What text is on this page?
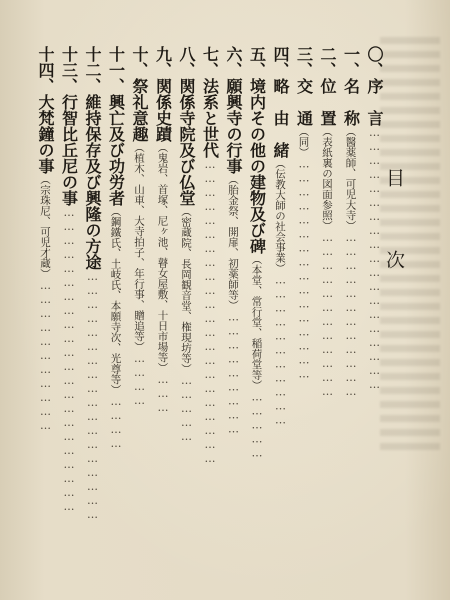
目　次
〇、序　言…………………………………………………
一、名　称（醫薬師、可児大寺）………………………………
二、位　置（表紙裏の図面参照）………………………………
三、交　通（同）…………………………………………
四、略　由　緒（伝教大師の社会事業）……………………………
五、境内その他の建物及び碑（本堂、常行堂、稲荷堂等）……………
六、願興寺の行事（胎金祭、開扉、初薬師等）………………………
七、法系と世代…………………………………………………………
八、関係寺院及び仏堂（密蔵院、長岡観音堂、権現坊等）……………
九、関係史蹟（鬼岩、首塚、尼ヶ池、瞽女屋敷、十日市場等）………
十、祭礼意趣（植木、山車、大寺拍子、年行事、贈追等）…………
十一、興亡及び功労者（鋼鐵氏、土岐氏、本願寺次、光尊等）…………
十二、維持保存及び興隆の方途………………………………………………
十三、行智比丘尼の事…………………………………………………………
十四、大梵鐘の事（宗珠尼、可児才蔵）……………………………
